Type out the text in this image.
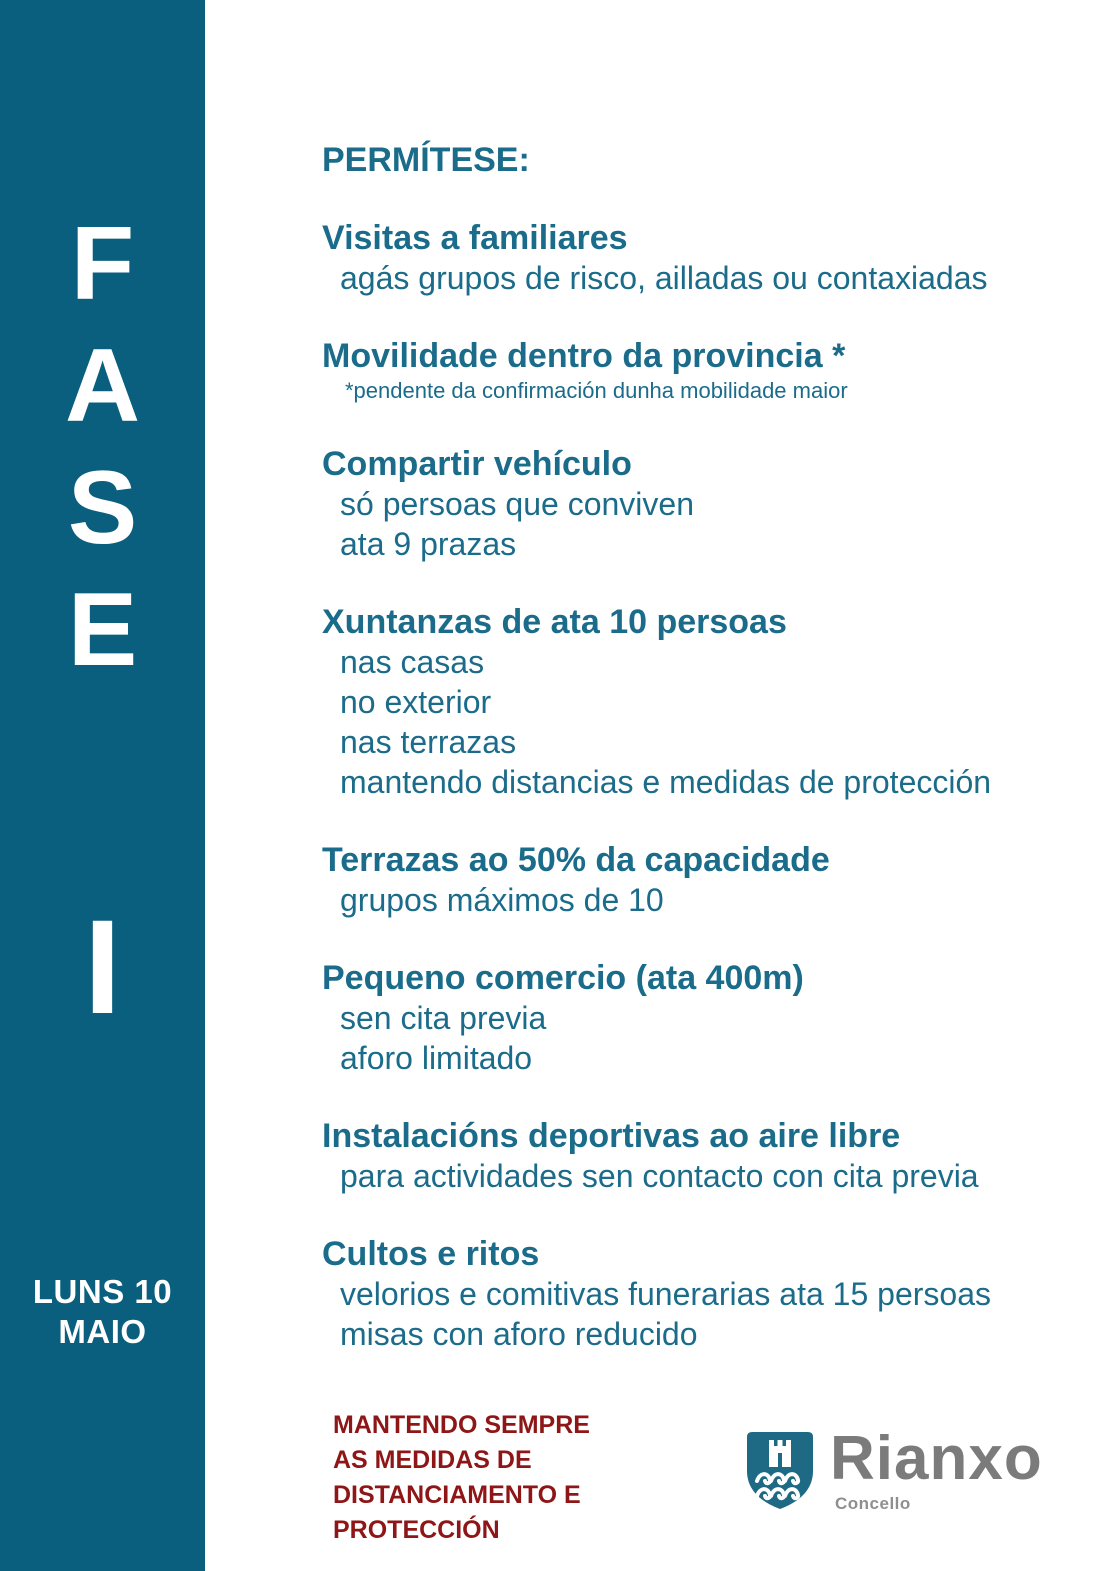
F
A
S
E
I
LUNS 10
MAIO
PERMÍTESE:
Visitas a familiares
agás grupos de risco, ailladas ou contaxiadas
Movilidade dentro da provincia *
*pendente da confirmación dunha mobilidade maior
Compartir vehículo
só persoas que conviven
ata 9 prazas
Xuntanzas de ata 10 persoas
nas casas
no exterior
nas terrazas
mantendo distancias e medidas de protección
Terrazas ao 50% da capacidade
grupos máximos de 10
Pequeno comercio (ata 400m)
sen cita previa
aforo limitado
Instalacións deportivas ao aire libre
para actividades sen contacto con cita previa
Cultos e ritos
velorios e comitivas funerarias ata 15 persoas
misas con aforo reducido
MANTENDO SEMPRE
AS MEDIDAS DE
DISTANCIAMENTO E
PROTECCIÓN
Rianxo
Concello
